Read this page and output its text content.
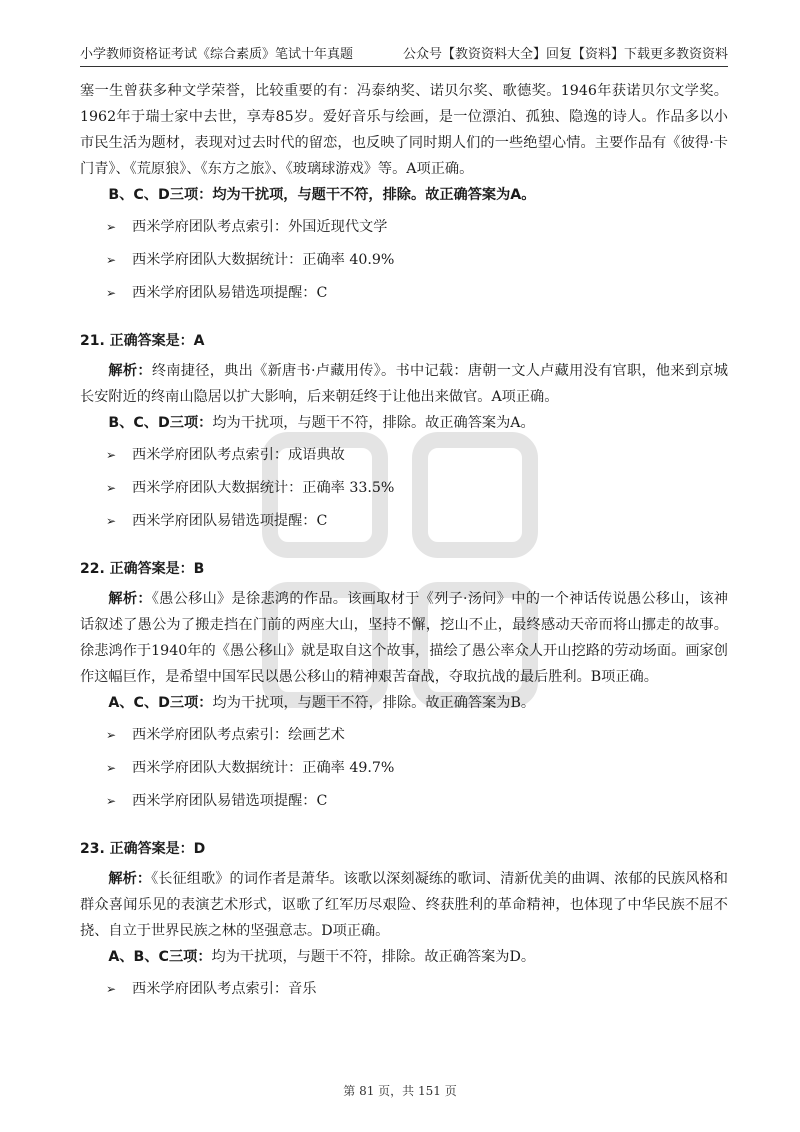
小学教师资格证考试《综合素质》笔试十年真题	公众号【教资资料大全】回复【资料】下载更多教资资料

塞一生曾获多种文学荣誉，比较重要的有：冯泰纳奖、诺贝尔奖、歌德奖。1946年获诺贝尔文学奖。1962年于瑞士家中去世，享寿85岁。爱好音乐与绘画，是一位漂泊、孤独、隐逸的诗人。作品多以小市民生活为题材，表现对过去时代的留恋，也反映了同时期人们的一些绝望心情。主要作品有《彼得·卡门青》、《荒原狼》、《东方之旅》、《玻璃球游戏》等。A项正确。

B、C、D三项：均为干扰项，与题干不符，排除。故正确答案为A。

➢ 西米学府团队考点索引：外国近现代文学
➢ 西米学府团队大数据统计：正确率 40.9%
➢ 西米学府团队易错选项提醒：C
21. 正确答案是：A

解析：终南捷径，典出《新唐书·卢藏用传》。书中记载：唐朝一文人卢藏用没有官职，他来到京城长安附近的终南山隐居以扩大影响，后来朝廷终于让他出来做官。A项正确。

B、C、D三项：均为干扰项，与题干不符，排除。故正确答案为A。

➢ 西米学府团队考点索引：成语典故
➢ 西米学府团队大数据统计：正确率 33.5%
➢ 西米学府团队易错选项提醒：C
22. 正确答案是：B

解析：《愚公移山》是徐悲鸿的作品。该画取材于《列子·汤问》中的一个神话传说愚公移山，该神话叙述了愚公为了搬走挡在门前的两座大山，坚持不懈，挖山不止，最终感动天帝而将山挪走的故事。徐悲鸿作于1940年的《愚公移山》就是取自这个故事，描绘了愚公率众人开山挖路的劳动场面。画家创作这幅巨作，是希望中国军民以愚公移山的精神艰苦奋战，夺取抗战的最后胜利。B项正确。

A、C、D三项：均为干扰项，与题干不符，排除。故正确答案为B。

➢ 西米学府团队考点索引：绘画艺术
➢ 西米学府团队大数据统计：正确率 49.7%
➢ 西米学府团队易错选项提醒：C
23. 正确答案是：D

解析：《长征组歌》的词作者是萧华。该歌以深刻凝练的歌词、清新优美的曲调、浓郁的民族风格和群众喜闻乐见的表演艺术形式，讴歌了红军历尽艰险、终获胜利的革命精神，也体现了中华民族不屈不挠、自立于世界民族之林的坚强意志。D项正确。

A、B、C三项：均为干扰项，与题干不符，排除。故正确答案为D。

➢ 西米学府团队考点索引：音乐
第 81 页，共 151 页
